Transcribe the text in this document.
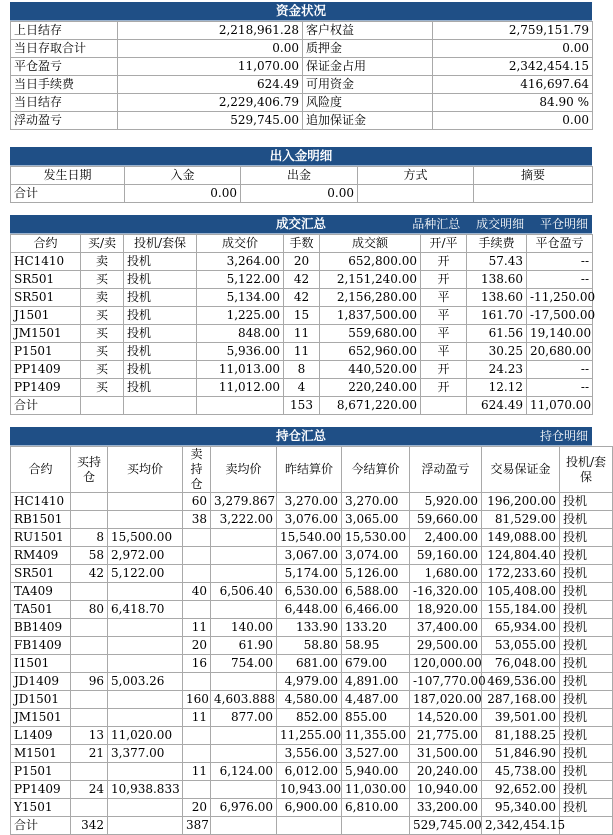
资金状况
上日结存	2,218,961.28	客户权益	2,759,151.79
当日存取合计	0.00	质押金	0.00
平仓盈亏	11,070.00	保证金占用	2,342,454.15
当日手续费	624.49	可用资金	416,697.64
当日结存	2,229,406.79	风险度	84.90 %
浮动盈亏	529,745.00	追加保证金	0.00
出入金明细
发生日期	入金	出金	方式	摘要
合计	0.00	0.00		
成交汇总	品种汇总 成交明细 平仓明细
合约	买/卖	投机/套保	成交价	手数	成交额	开/平	手续费	平仓盈亏
HC1410	卖	投机	3,264.00	20	652,800.00	开	57.43	--
SR501	买	投机	5,122.00	42	2,151,240.00	开	138.60	--
SR501	卖	投机	5,134.00	42	2,156,280.00	平	138.60	-11,250.00
J1501	买	投机	1,225.00	15	1,837,500.00	平	161.70	-17,500.00
JM1501	买	投机	848.00	11	559,680.00	平	61.56	19,140.00
P1501	买	投机	5,936.00	11	652,960.00	平	30.25	20,680.00
PP1409	买	投机	11,013.00	8	440,520.00	开	24.23	--
PP1409	买	投机	11,012.00	4	220,240.00	开	12.12	--
合计				153	8,671,220.00		624.49	11,070.00
持仓汇总	持仓明细
合约	买持仓	买均价	卖持仓	卖均价	昨结算价	今结算价	浮动盈亏	交易保证金	投机/套保
HC1410			60	3,279.867	3,270.00	3,270.00	5,920.00	196,200.00	投机
RB1501			38	3,222.00	3,076.00	3,065.00	59,660.00	81,529.00	投机
RU1501	8	15,500.00			15,540.00	15,530.00	2,400.00	149,088.00	投机
RM409	58	2,972.00			3,067.00	3,074.00	59,160.00	124,804.40	投机
SR501	42	5,122.00			5,174.00	5,126.00	1,680.00	172,233.60	投机
TA409			40	6,506.40	6,530.00	6,588.00	-16,320.00	105,408.00	投机
TA501	80	6,418.70			6,448.00	6,466.00	18,920.00	155,184.00	投机
BB1409			11	140.00	133.90	133.20	37,400.00	65,934.00	投机
FB1409			20	61.90	58.80	58.95	29,500.00	53,055.00	投机
I1501			16	754.00	681.00	679.00	120,000.00	76,048.00	投机
JD1409	96	5,003.26			4,979.00	4,891.00	-107,770.00	469,536.00	投机
JD1501			160	4,603.888	4,580.00	4,487.00	187,020.00	287,168.00	投机
JM1501			11	877.00	852.00	855.00	14,520.00	39,501.00	投机
L1409	13	11,020.00			11,255.00	11,355.00	21,775.00	81,188.25	投机
M1501	21	3,377.00			3,556.00	3,527.00	31,500.00	51,846.90	投机
P1501			11	6,124.00	6,012.00	5,940.00	20,240.00	45,738.00	投机
PP1409	24	10,938.833			10,943.00	11,030.00	10,940.00	92,652.00	投机
Y1501			20	6,976.00	6,900.00	6,810.00	33,200.00	95,340.00	投机
合计	342		387				529,745.00	2,342,454.15	
